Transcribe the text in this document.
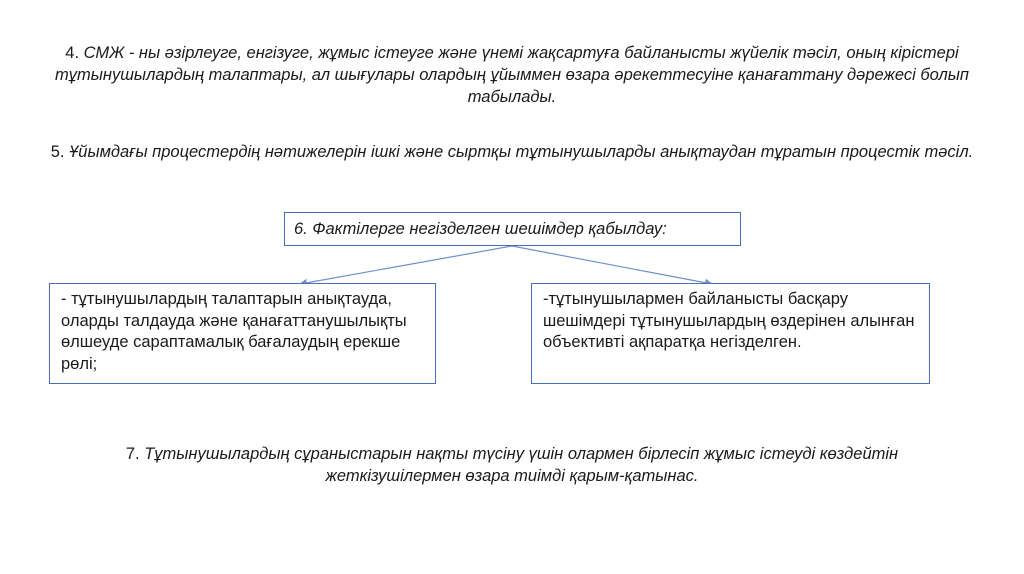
4. СМЖ - ны әзірлеуге, енгізуге, жұмыс істеуге және үнемі жақсартуға байланысты жүйелік тәсіл, оның кірістері тұтынушылардың талаптары, ал шығулары олардың ұйыммен өзара әрекеттесуіне қанағаттану дәрежесі болып табылады.
5. Ұйымдағы процестердің нәтижелерін ішкі және сыртқы тұтынушыларды анықтаудан тұратын процестік тәсіл.
6. Фактілерге негізделген шешімдер қабылдау:
- тұтынушылардың талаптарын анықтауда, оларды талдауда және қанағаттанушылықты өлшеуде сараптамалық бағалаудың ерекше рөлі;
-тұтынушылармен байланысты басқару шешімдері тұтынушылардың өздерінен алынған объективті ақпаратқа негізделген.
7. Тұтынушылардың сұраныстарын нақты түсіну үшін олармен бірлесіп жұмыс істеуді көздейтін жеткізушілермен өзара тиімді қарым-қатынас.
